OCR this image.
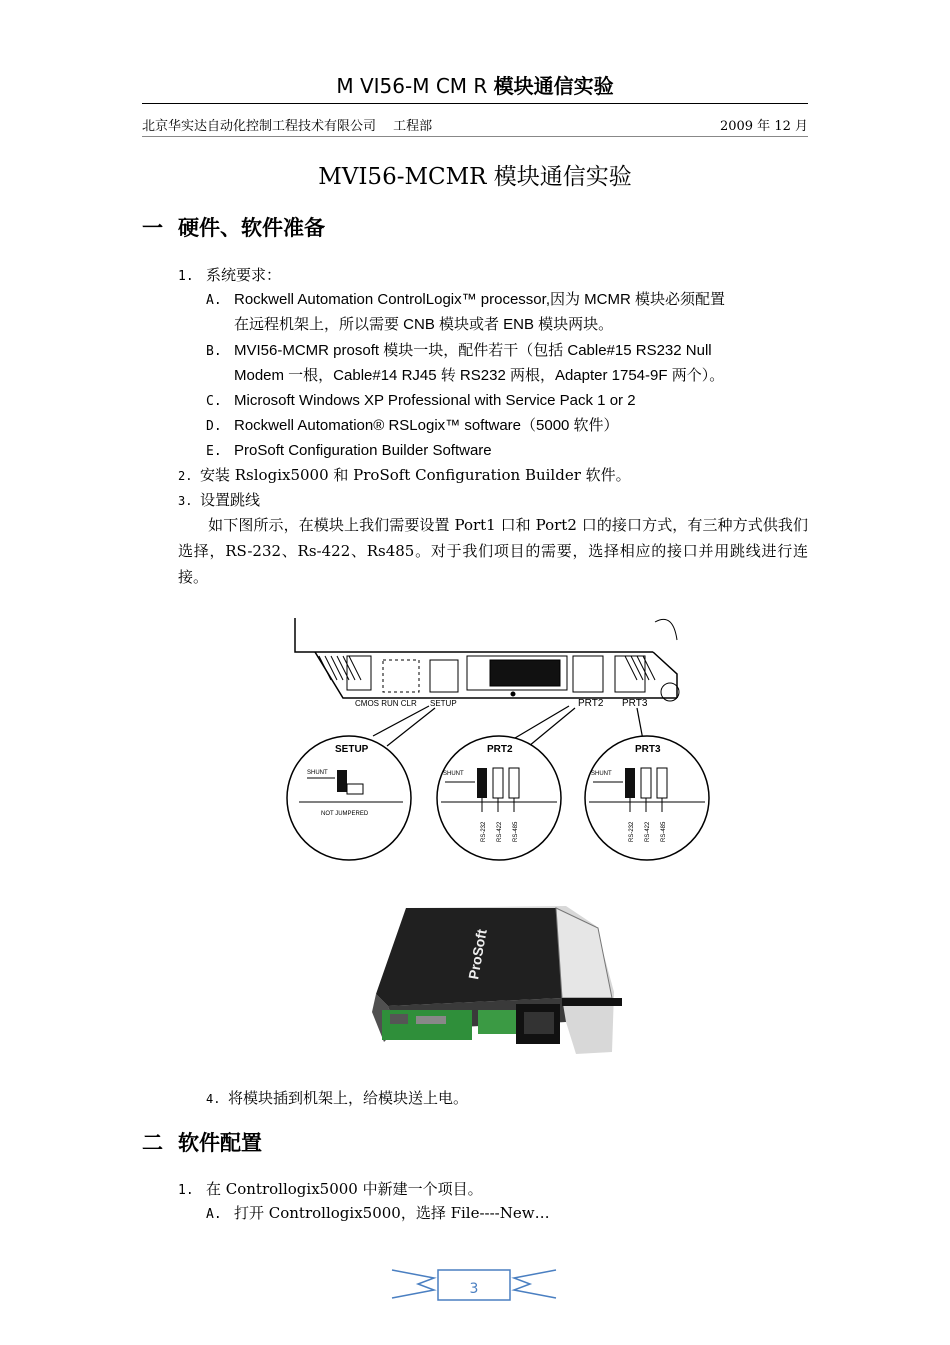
M VI56-M CM R 模块通信实验
北京华实达自动化控制工程技术有限公司　 工程部	2009 年 12 月
MVI56-MCMR 模块通信实验
一 硬件、软件准备
1. 系统要求：
A. Rockwell Automation ControlLogix™ processor,因为 MCMR 模块必须配置
在远程机架上，所以需要 CNB 模块或者 ENB 模块两块。
B. MVI56-MCMR prosoft 模块一块，配件若干（包括 Cable#15 RS232 Null
Modem 一根，Cable#14 RJ45 转 RS232 两根，Adapter 1754-9F 两个）。
C. Microsoft Windows XP Professional with Service Pack 1 or 2
D. Rockwell Automation® RSLogix™ software（5000 软件）
E. ProSoft Configuration Builder Software
2. 安装 Rslogix5000 和 ProSoft Configuration Builder 软件。
3. 设置跳线
　　如下图所示，在模块上我们需要设置 Port1 口和 Port2 口的接口方式，有三种方式供我们选择，RS-232、Rs-422、Rs485。对于我们项目的需要，选择相应的接口并用跳线进行连接。
CMOS RUN CLR SETUP	PRT2 PRT3
SETUP
SHUNT
NOT JUMPERED
PRT2
SHUNT
RS-232 RS-422 RS-485
PRT3
SHUNT
RS-232 RS-422 RS-485
ProSoft
4. 将模块插到机架上，给模块送上电。
二 软件配置
1. 在 Controllogix5000 中新建一个项目。
A. 打开 Controllogix5000，选择 File----New…
3
